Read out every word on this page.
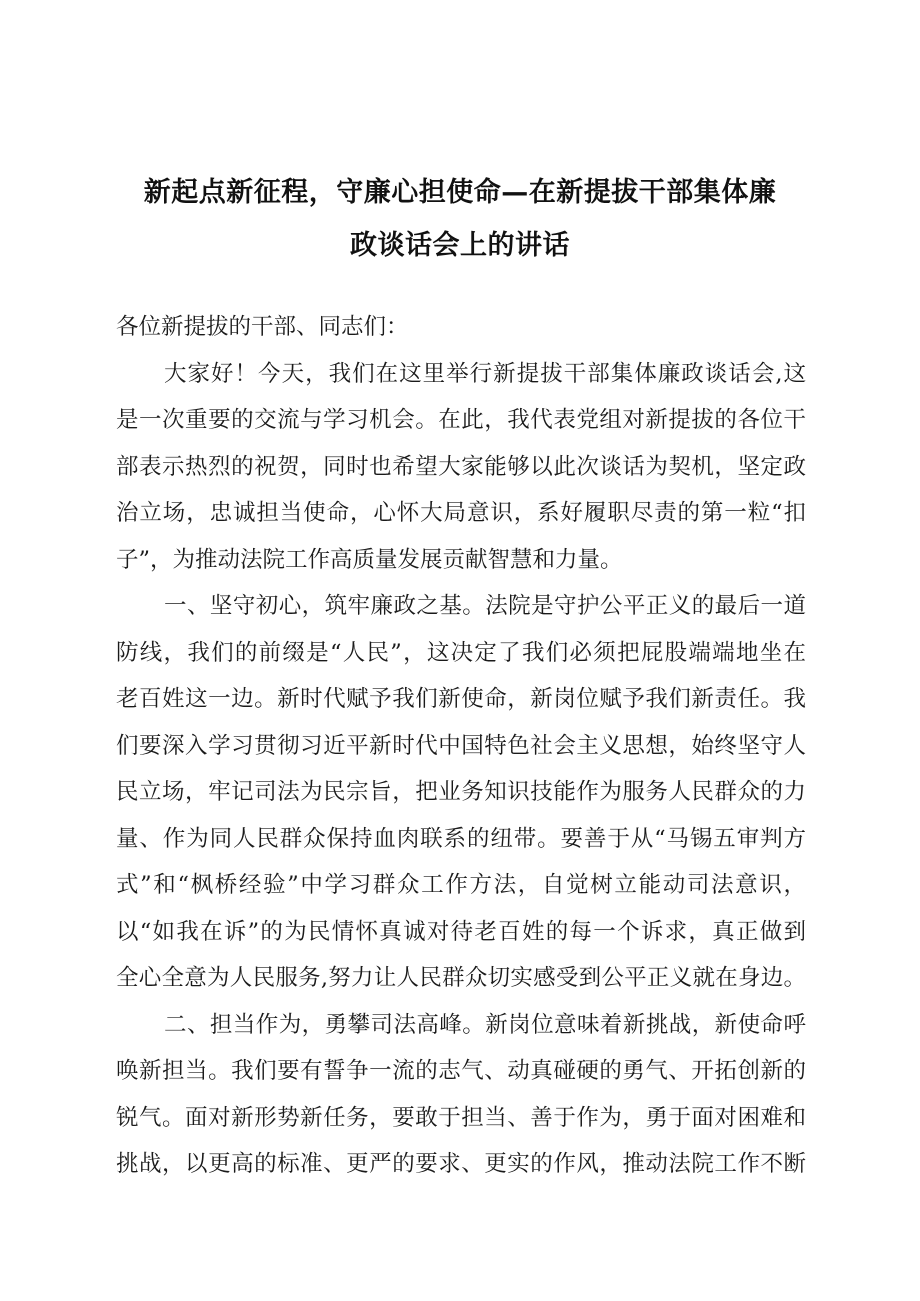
新起点新征程，守廉心担使命—在新提拔干部集体廉
政谈话会上的讲话
各位新提拔的干部、同志们：
大家好！今天，我们在这里举行新提拔干部集体廉政谈话会,这
是一次重要的交流与学习机会。在此，我代表党组对新提拔的各位干
部表示热烈的祝贺，同时也希望大家能够以此次谈话为契机，坚定政
治立场，忠诚担当使命，心怀大局意识，系好履职尽责的第一粒“扣
子”，为推动法院工作高质量发展贡献智慧和力量。
一、坚守初心，筑牢廉政之基。法院是守护公平正义的最后一道
防线，我们的前缀是“人民”，这决定了我们必须把屁股端端地坐在
老百姓这一边。新时代赋予我们新使命，新岗位赋予我们新责任。我
们要深入学习贯彻习近平新时代中国特色社会主义思想，始终坚守人
民立场，牢记司法为民宗旨，把业务知识技能作为服务人民群众的力
量、作为同人民群众保持血肉联系的纽带。要善于从“马锡五审判方
式”和“枫桥经验”中学习群众工作方法，自觉树立能动司法意识，
以“如我在诉”的为民情怀真诚对待老百姓的每一个诉求，真正做到
全心全意为人民服务,努力让人民群众切实感受到公平正义就在身边。
二、担当作为，勇攀司法高峰。新岗位意味着新挑战，新使命呼
唤新担当。我们要有誓争一流的志气、动真碰硬的勇气、开拓创新的
锐气。面对新形势新任务，要敢于担当、善于作为，勇于面对困难和
挑战，以更高的标准、更严的要求、更实的作风，推动法院工作不断
